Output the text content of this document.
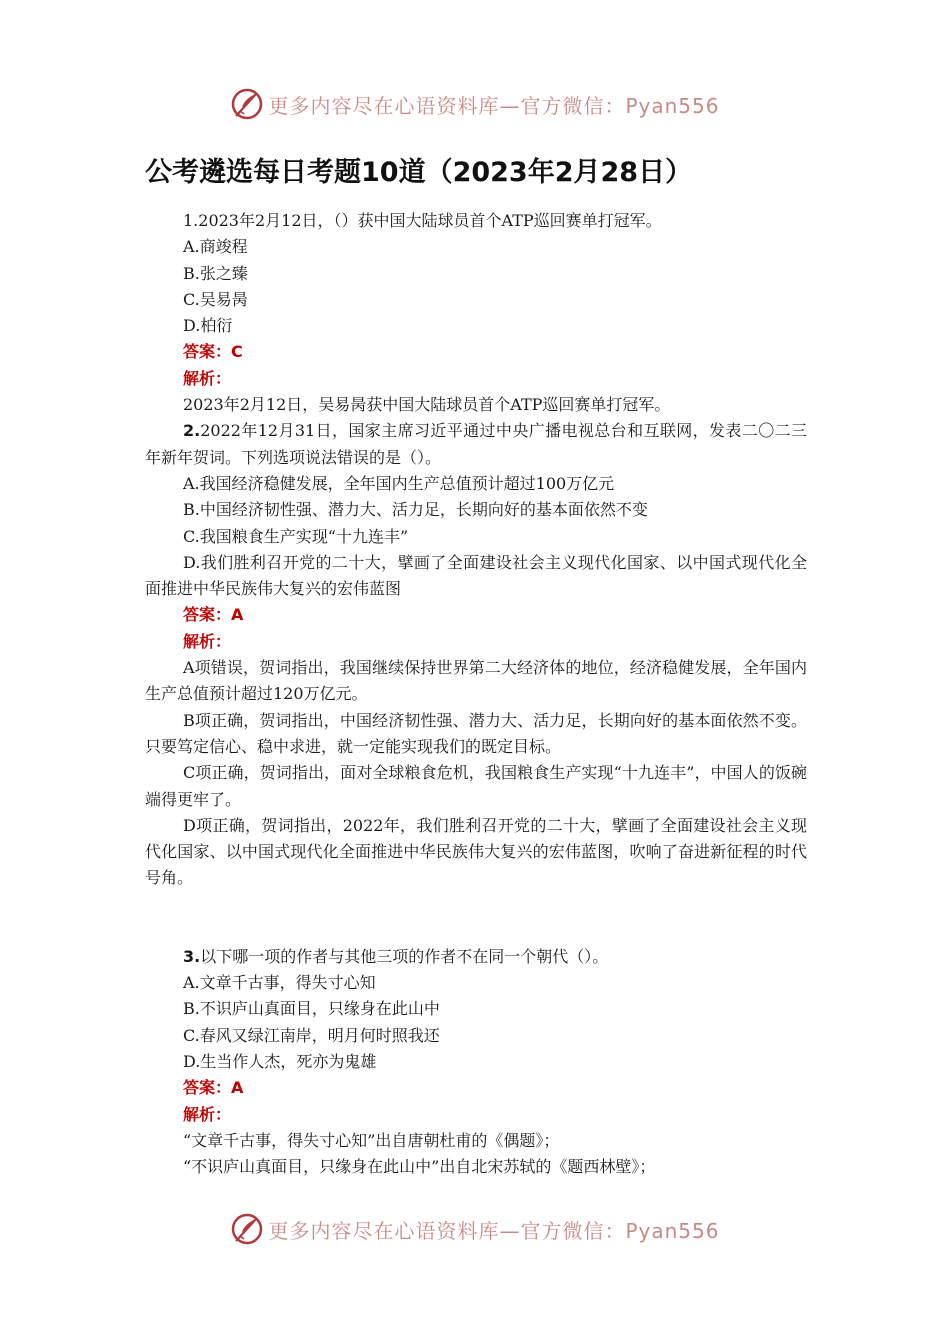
更多内容尽在心语资料库—官方微信：Pyan556
公考遴选每日考题10道（2023年2月28日）

1.2023年2月12日，（）获中国大陆球员首个ATP巡回赛单打冠军。

A.商竣程

B.张之臻

C.吴易昺

D.柏衍

答案：C

解析：

2023年2月12日，吴易昺获中国大陆球员首个ATP巡回赛单打冠军。

2.2022年12月31日，国家主席习近平通过中央广播电视总台和互联网，发表二〇二三年新年贺词。下列选项说法错误的是（）。

A.我国经济稳健发展，全年国内生产总值预计超过100万亿元

B.中国经济韧性强、潜力大、活力足，长期向好的基本面依然不变

C.我国粮食生产实现“十九连丰”

D.我们胜利召开党的二十大，擘画了全面建设社会主义现代化国家、以中国式现代化全面推进中华民族伟大复兴的宏伟蓝图

答案：A

解析：

A项错误，贺词指出，我国继续保持世界第二大经济体的地位，经济稳健发展，全年国内生产总值预计超过120万亿元。

B项正确，贺词指出，中国经济韧性强、潜力大、活力足，长期向好的基本面依然不变。只要笃定信心、稳中求进，就一定能实现我们的既定目标。

C项正确，贺词指出，面对全球粮食危机，我国粮食生产实现“十九连丰”，中国人的饭碗端得更牢了。

D项正确，贺词指出，2022年，我们胜利召开党的二十大，擘画了全面建设社会主义现代化国家、以中国式现代化全面推进中华民族伟大复兴的宏伟蓝图，吹响了奋进新征程的时代号角。

3.以下哪一项的作者与其他三项的作者不在同一个朝代（）。

A.文章千古事，得失寸心知

B.不识庐山真面目，只缘身在此山中

C.春风又绿江南岸，明月何时照我还

D.生当作人杰，死亦为鬼雄

答案：A

解析：

“文章千古事，得失寸心知”出自唐朝杜甫的《偶题》；

“不识庐山真面目，只缘身在此山中”出自北宋苏轼的《题西林壁》；

更多内容尽在心语资料库—官方微信：Pyan556
